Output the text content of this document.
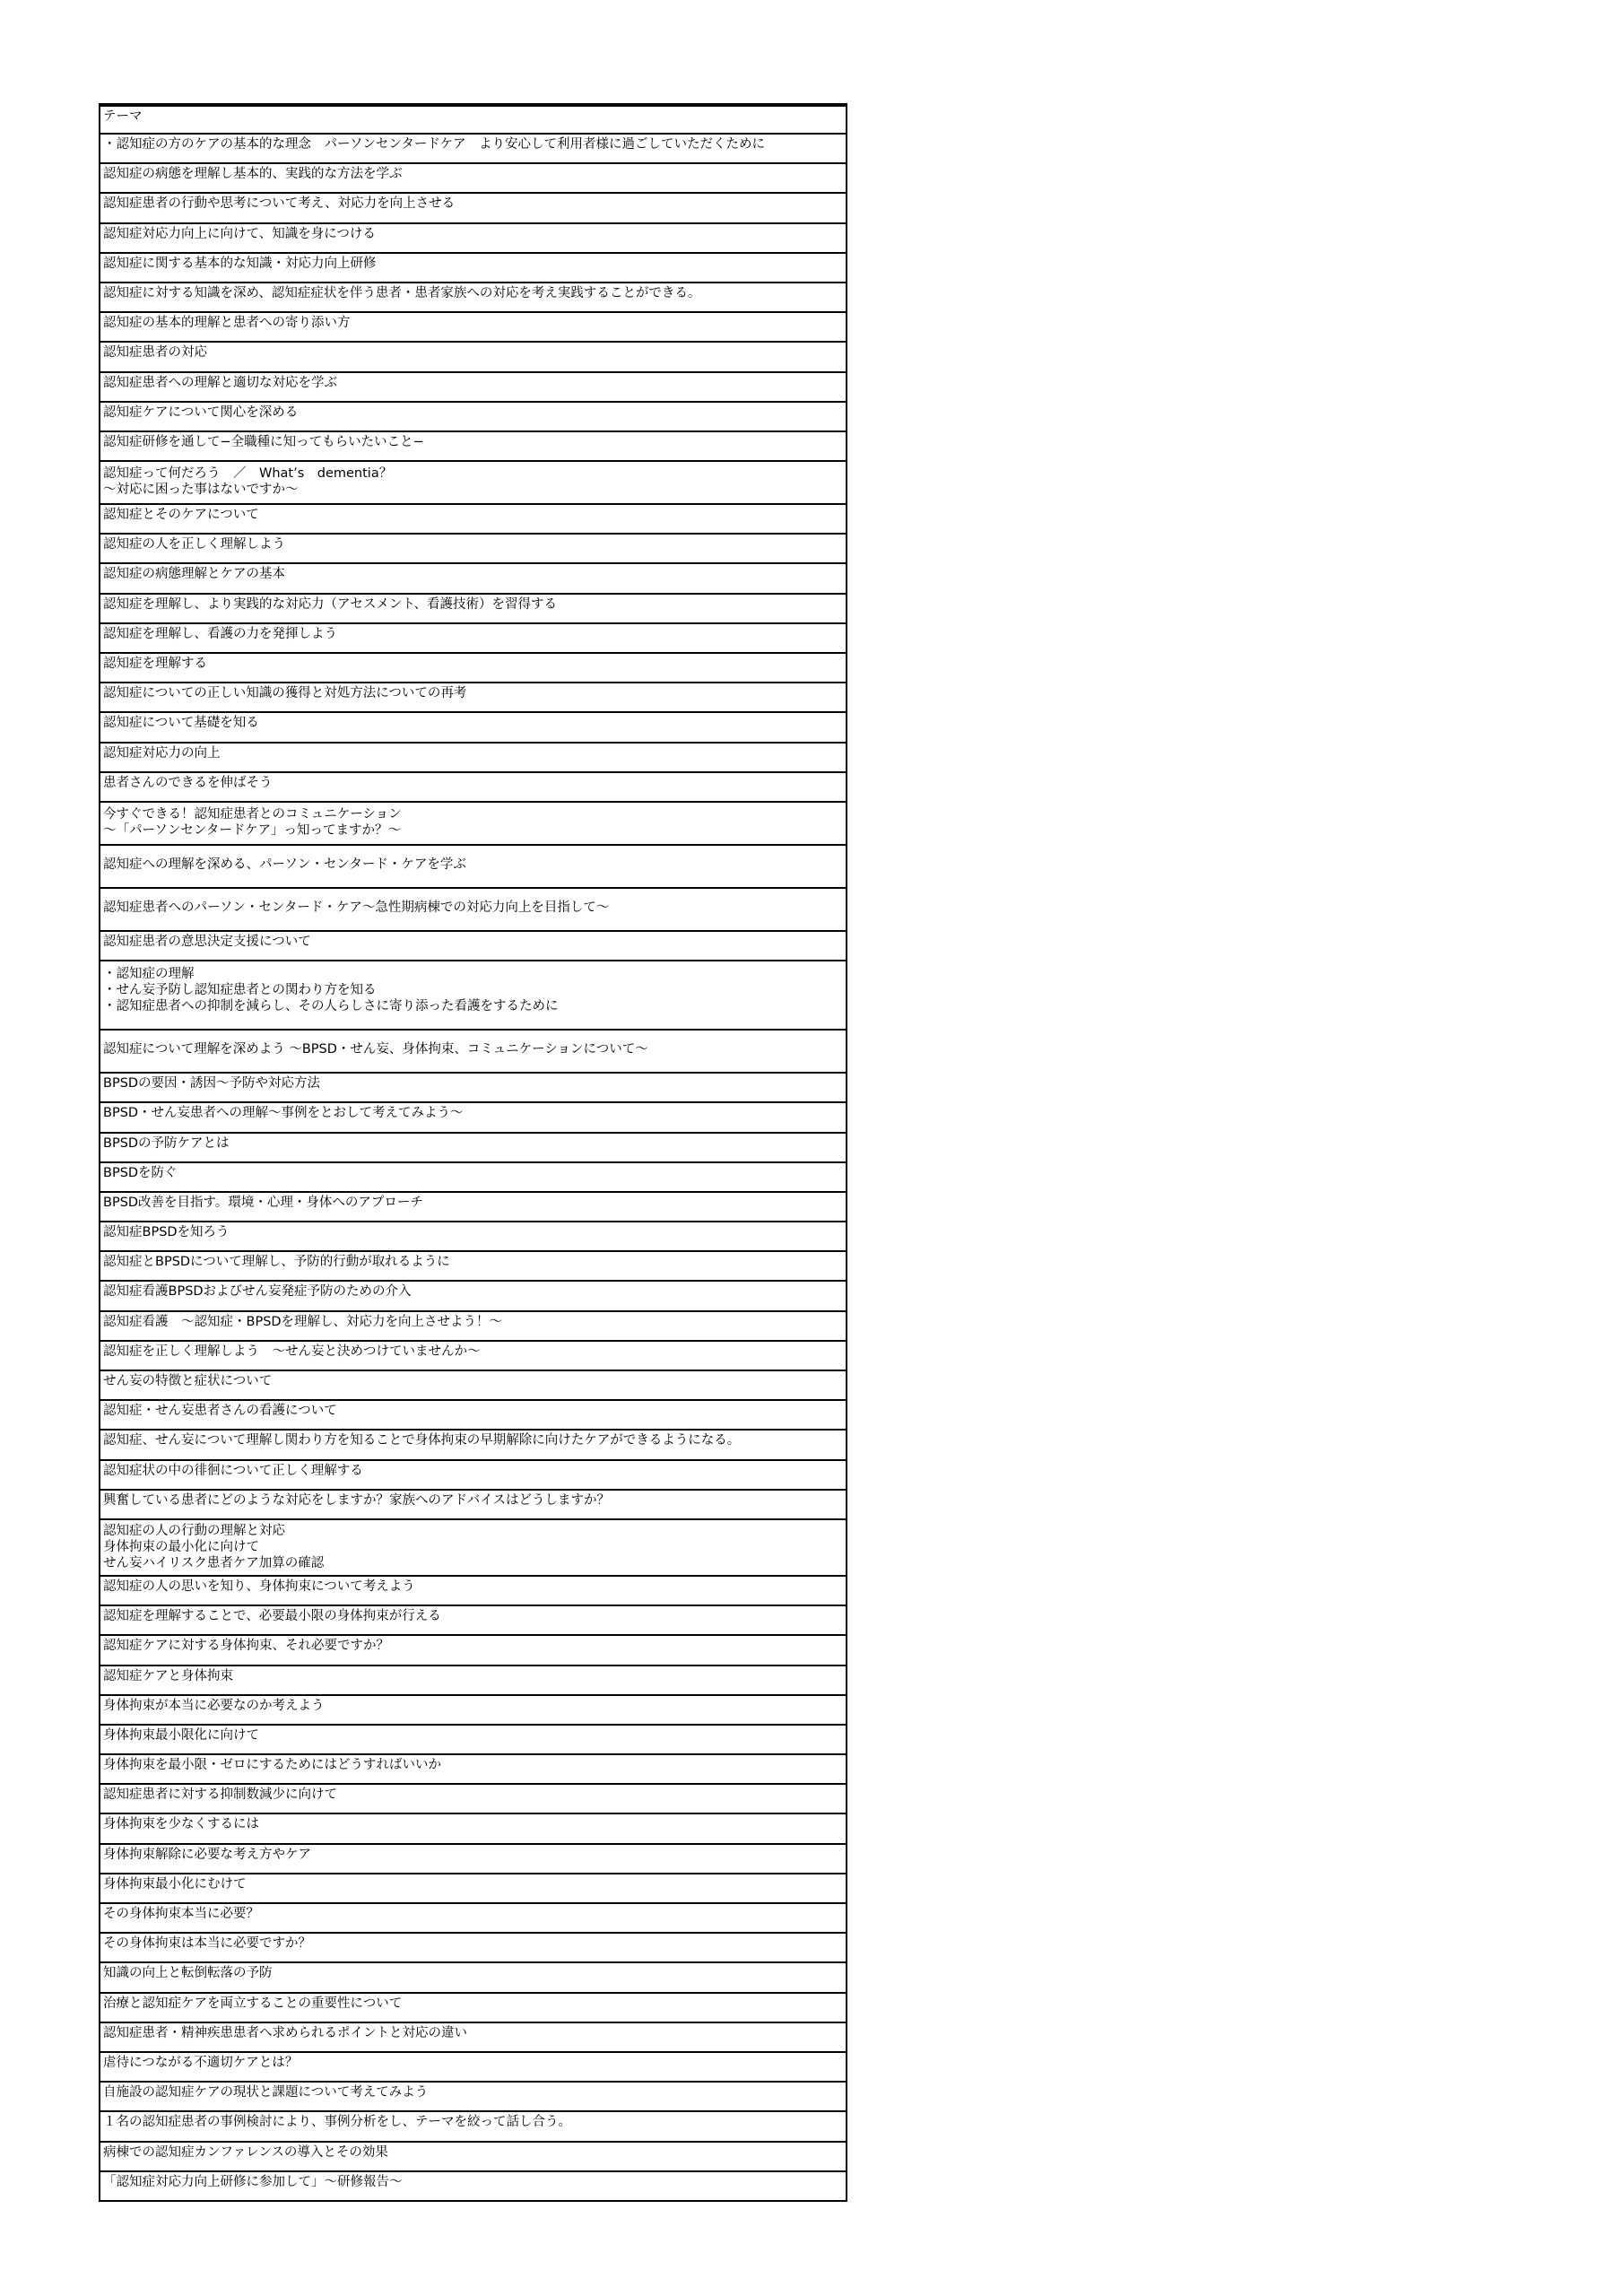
テーマ
・認知症の方のケアの基本的な理念　パーソンセンタードケア　より安心して利用者様に過ごしていただくために
認知症の病態を理解し基本的、実践的な方法を学ぶ
認知症患者の行動や思考について考え、対応力を向上させる
認知症対応力向上に向けて、知識を身につける
認知症に関する基本的な知識・対応力向上研修
認知症に対する知識を深め、認知症症状を伴う患者・患者家族への対応を考え実践することができる。
認知症の基本的理解と患者への寄り添い方
認知症患者の対応
認知症患者への理解と適切な対応を学ぶ
認知症ケアについて関心を深める
認知症研修を通して−全職種に知ってもらいたいこと−
認知症って何だろう　／　What’s　dementia？
〜対応に困った事はないですか〜
認知症とそのケアについて
認知症の人を正しく理解しよう
認知症の病態理解とケアの基本
認知症を理解し、より実践的な対応力（アセスメント、看護技術）を習得する
認知症を理解し、看護の力を発揮しよう
認知症を理解する
認知症についての正しい知識の獲得と対処方法についての再考
認知症について基礎を知る
認知症対応力の向上
患者さんのできるを伸ばそう
今すぐできる！認知症患者とのコミュニケーション
〜「パーソンセンタードケア」っ知ってますか？〜
認知症への理解を深める、パーソン・センタード・ケアを学ぶ
認知症患者へのパーソン・センタード・ケア〜急性期病棟での対応力向上を目指して〜
認知症患者の意思決定支援について
・認知症の理解
・せん妄予防し認知症患者との関わり方を知る
・認知症患者への抑制を減らし、その人らしさに寄り添った看護をするために
認知症について理解を深めよう 〜BPSD・せん妄、身体拘束、コミュニケーションについて〜
BPSDの要因・誘因〜予防や対応方法
BPSD・せん妄患者への理解〜事例をとおして考えてみよう〜
BPSDの予防ケアとは
BPSDを防ぐ
BPSD改善を目指す。環境・心理・身体へのアプローチ
認知症BPSDを知ろう
認知症とBPSDについて理解し、予防的行動が取れるように
認知症看護BPSDおよびせん妄発症予防のための介入
認知症看護　〜認知症・BPSDを理解し、対応力を向上させよう！〜
認知症を正しく理解しよう　〜せん妄と決めつけていませんか〜
せん妄の特徴と症状について
認知症・せん妄患者さんの看護について
認知症、せん妄について理解し関わり方を知ることで身体拘束の早期解除に向けたケアができるようになる。
認知症状の中の徘徊について正しく理解する
興奮している患者にどのような対応をしますか？家族へのアドバイスはどうしますか？
認知症の人の行動の理解と対応
身体拘束の最小化に向けて
せん妄ハイリスク患者ケア加算の確認
認知症の人の思いを知り、身体拘束について考えよう
認知症を理解することで、必要最小限の身体拘束が行える
認知症ケアに対する身体拘束、それ必要ですか？
認知症ケアと身体拘束
身体拘束が本当に必要なのか考えよう
身体拘束最小限化に向けて
身体拘束を最小限・ゼロにするためにはどうすればいいか
認知症患者に対する抑制数減少に向けて
身体拘束を少なくするには
身体拘束解除に必要な考え方やケア
身体拘束最小化にむけて
その身体拘束本当に必要？
その身体拘束は本当に必要ですか？
知識の向上と転倒転落の予防
治療と認知症ケアを両立することの重要性について
認知症患者・精神疾患患者へ求められるポイントと対応の違い
虐待につながる不適切ケアとは？
自施設の認知症ケアの現状と課題について考えてみよう
１名の認知症患者の事例検討により、事例分析をし、テーマを絞って話し合う。
病棟での認知症カンファレンスの導入とその効果
「認知症対応力向上研修に参加して」〜研修報告〜
